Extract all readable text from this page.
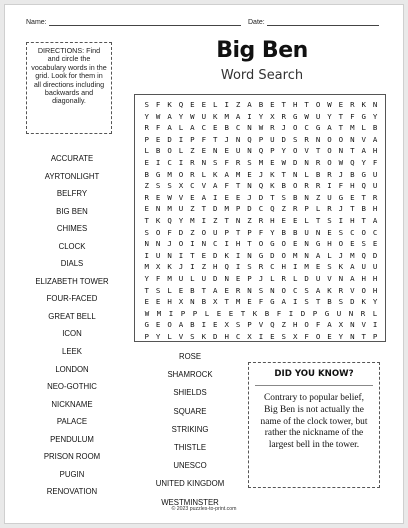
Name:	Date:
DIRECTIONS: Find and circle the vocabulary words in the grid. Look for them in all directions including backwards and diagonally.
Big Ben
Word Search
S F K Q E E L I Z A B E T H T O W E R K N
Y W A Y W U K M A I Y X R G W U Y T F G Y
R F A L A C E B C N W R J O C G A T M L B
P E D I P F T J N Q P U D S R N O O N V A
L B O L Z E N E U N Q P Y O V T O N T A H
E I C I R N S F R S M E W D N R O W Q Y F
B G M O R L K A M E J K T N L B R J B G U
Z S S X C V A F T N Q K B O R R I F H Q U
R E W V E A I E E J D T S B N Z U G E T R
E N M U Z T D M P D C Q Z R P L R J T B H
T K Q Y M I Z T N Z R H E E L T S I H T A
S O F D Z O U P T P F Y B B U N E S C O C
N N J O I N C I H T O G O E N G H O E S E
I U N I T E D K I N G D O M N A L J M Q D
M X K J I Z H Q I S R C H I M E S K A U U
Y F M U L U D N E P J L R L D U V N A H H
T S L E B T A E R N S N O C S A K R V O H
E E H X N B X T M E F G A I S T B S D K Y
W	M	I	P	P	L	E	E	T	K	B	F	I	D	P	G	U	N	R	L
G E O A B I E X S P V Q Z H O F A X N V I
P Y L V S K D H C X I E S X F O E Y N T P
ACCURATE
AYRTONLIGHT
BELFRY
BIG BEN
CHIMES
CLOCK
DIALS
ELIZABETH TOWER
FOUR-FACED
GREAT BELL
ICON
LEEK
LONDON
NEO-GOTHIC
NICKNAME
PALACE
PENDULUM
PRISON ROOM
PUGIN
RENOVATION
ROSE
SHAMROCK
SHIELDS
SQUARE
STRIKING
THISTLE
UNESCO
UNITED KINGDOM
WESTMINSTER
DID YOU KNOW?
Contrary to popular belief, Big Ben is not actually the name of the clock tower, but rather the nickname of the largest bell in the tower.
© 2023 puzzles-to-print.com
